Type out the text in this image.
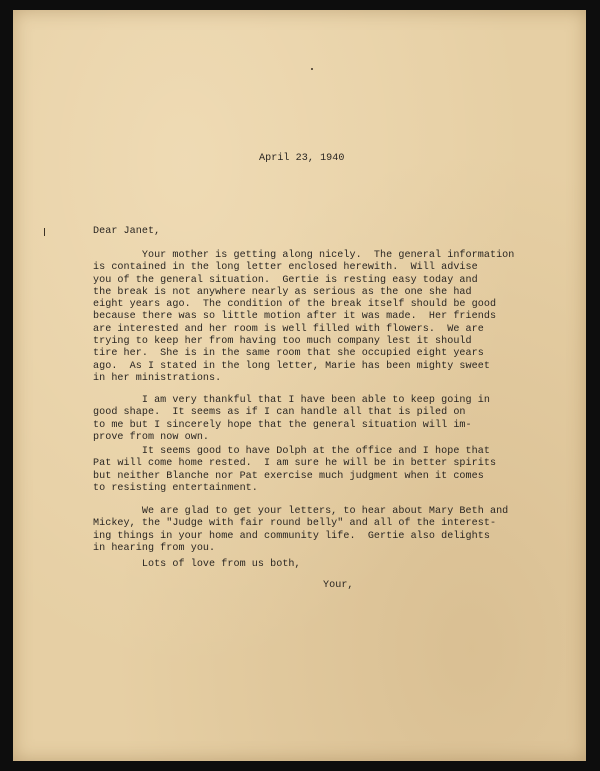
April 23, 1940

Dear Janet,

Your mother is getting along nicely.  The general information
is contained in the long letter enclosed herewith.  Will advise
you of the general situation.  Gertie is resting easy today and
the break is not anywhere nearly as serious as the one she had
eight years ago.  The condition of the break itself should be good
because there was so little motion after it was made.  Her friends
are interested and her room is well filled with flowers.  We are
trying to keep her from having too much company lest it should
tire her.  She is in the same room that she occupied eight years
ago.  As I stated in the long letter, Marie has been mighty sweet
in her ministrations.

I am very thankful that I have been able to keep going in
good shape.  It seems as if I can handle all that is piled on
to me but I sincerely hope that the general situation will im-
prove from now own.

It seems good to have Dolph at the office and I hope that
Pat will come home rested.  I am sure he will be in better spirits
but neither Blanche nor Pat exercise much judgment when it comes
to resisting entertainment.

We are glad to get your letters, to hear about Mary Beth and
Mickey, the "Judge with fair round belly" and all of the interest-
ing things in your home and community life.  Gertie also delights
in hearing from you.

Lots of love from us both,

Your,
